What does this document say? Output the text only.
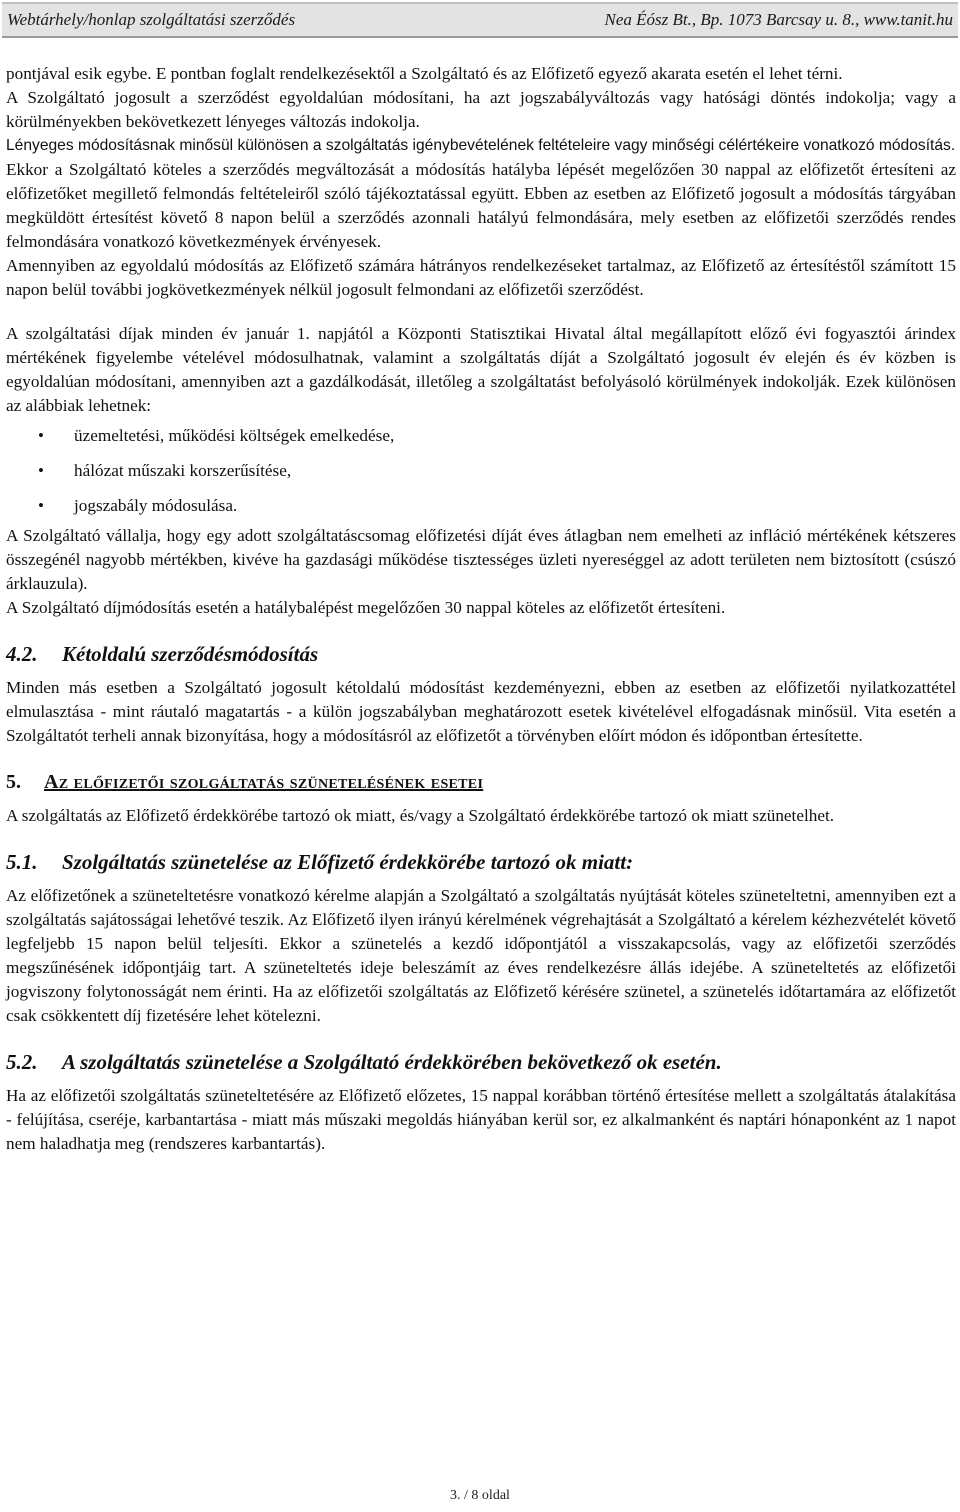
Webtárhely/honlap szolgáltatási szerződés	Nea Éósz Bt., Bp. 1073 Barcsay u. 8., www.tanit.hu

pontjával esik egybe. E pontban foglalt rendelkezésektől a Szolgáltató és az Előfizető egyező akarata esetén el lehet térni.

A Szolgáltató jogosult a szerződést egyoldalúan módosítani, ha azt jogszabályváltozás vagy hatósági döntés indokolja; vagy a körülményekben bekövetkezett lényeges változás indokolja.

Lényeges módosításnak minősül különösen a szolgáltatás igénybevételének feltételeire vagy minőségi célértékeire vonatkozó módosítás.

Ekkor a Szolgáltató köteles a szerződés megváltozását a módosítás hatályba lépését megelőzően 30 nappal az előfizetőt értesíteni az előfizetőket megillető felmondás feltételeiről szóló tájékoztatással együtt. Ebben az esetben az Előfizető jogosult a módosítás tárgyában megküldött értesítést követő 8 napon belül a szerződés azonnali hatályú felmondására, mely esetben az előfizetői szerződés rendes felmondására vonatkozó következmények érvényesek.

Amennyiben az egyoldalú módosítás az Előfizető számára hátrányos rendelkezéseket tartalmaz, az Előfizető az értesítéstől számított 15 napon belül további jogkövetkezmények nélkül jogosult felmondani az előfizetői szerződést.

A szolgáltatási díjak minden év január 1. napjától a Központi Statisztikai Hivatal által megállapított előző évi fogyasztói árindex mértékének figyelembe vételével módosulhatnak, valamint a szolgáltatás díját a Szolgáltató jogosult év elején és év közben is egyoldalúan módosítani, amennyiben azt a gazdálkodását, illetőleg a szolgáltatást befolyásoló körülmények indokolják. Ezek különösen az alábbiak lehetnek:

• üzemeltetési, működési költségek emelkedése,
• hálózat műszaki korszerűsítése,
• jogszabály módosulása.

A Szolgáltató vállalja, hogy egy adott szolgáltatáscsomag előfizetési díját éves átlagban nem emelheti az infláció mértékének kétszeres összegénél nagyobb mértékben, kivéve ha gazdasági működése tisztességes üzleti nyereséggel az adott területen nem biztosított (csúszó árklauzula).

A Szolgáltató díjmódosítás esetén a hatálybalépést megelőzően 30 nappal köteles az előfizetőt értesíteni.

4.2. Kétoldalú szerződésmódosítás

Minden más esetben a Szolgáltató jogosult kétoldalú módosítást kezdeményezni, ebben az esetben az előfizetői nyilatkozattétel elmulasztása - mint ráutaló magatartás - a külön jogszabályban meghatározott esetek kivételével elfogadásnak minősül. Vita esetén a Szolgáltatót terheli annak bizonyítása, hogy a módosításról az előfizetőt a törvényben előírt módon és időpontban értesítette.

5. Az előfizetői szolgáltatás szünetelésének esetei

A szolgáltatás az Előfizető érdekkörébe tartozó ok miatt, és/vagy a Szolgáltató érdekkörébe tartozó ok miatt szünetelhet.

5.1. Szolgáltatás szünetelése az Előfizető érdekkörébe tartozó ok miatt:

Az előfizetőnek a szüneteltetésre vonatkozó kérelme alapján a Szolgáltató a szolgáltatás nyújtását köteles szüneteltetni, amennyiben ezt a szolgáltatás sajátosságai lehetővé teszik. Az Előfizető ilyen irányú kérelmének végrehajtását a Szolgáltató a kérelem kézhezvételét követő legfeljebb 15 napon belül teljesíti. Ekkor a szünetelés a kezdő időpontjától a visszakapcsolás, vagy az előfizetői szerződés megszűnésének időpontjáig tart. A szüneteltetés ideje beleszámít az éves rendelkezésre állás idejébe. A szüneteltetés az előfizetői jogviszony folytonosságát nem érinti. Ha az előfizetői szolgáltatás az Előfizető kérésére szünetel, a szünetelés időtartamára az előfizetőt csak csökkentett díj fizetésére lehet kötelezni.

5.2. A szolgáltatás szünetelése a Szolgáltató érdekkörében bekövetkező ok esetén.

Ha az előfizetői szolgáltatás szüneteltetésére az Előfizető előzetes, 15 nappal korábban történő értesítése mellett a szolgáltatás átalakítása - felújítása, cseréje, karbantartása - miatt más műszaki megoldás hiányában kerül sor, ez alkalmanként és naptári hónaponként az 1 napot nem haladhatja meg (rendszeres karbantartás).

3. / 8 oldal
